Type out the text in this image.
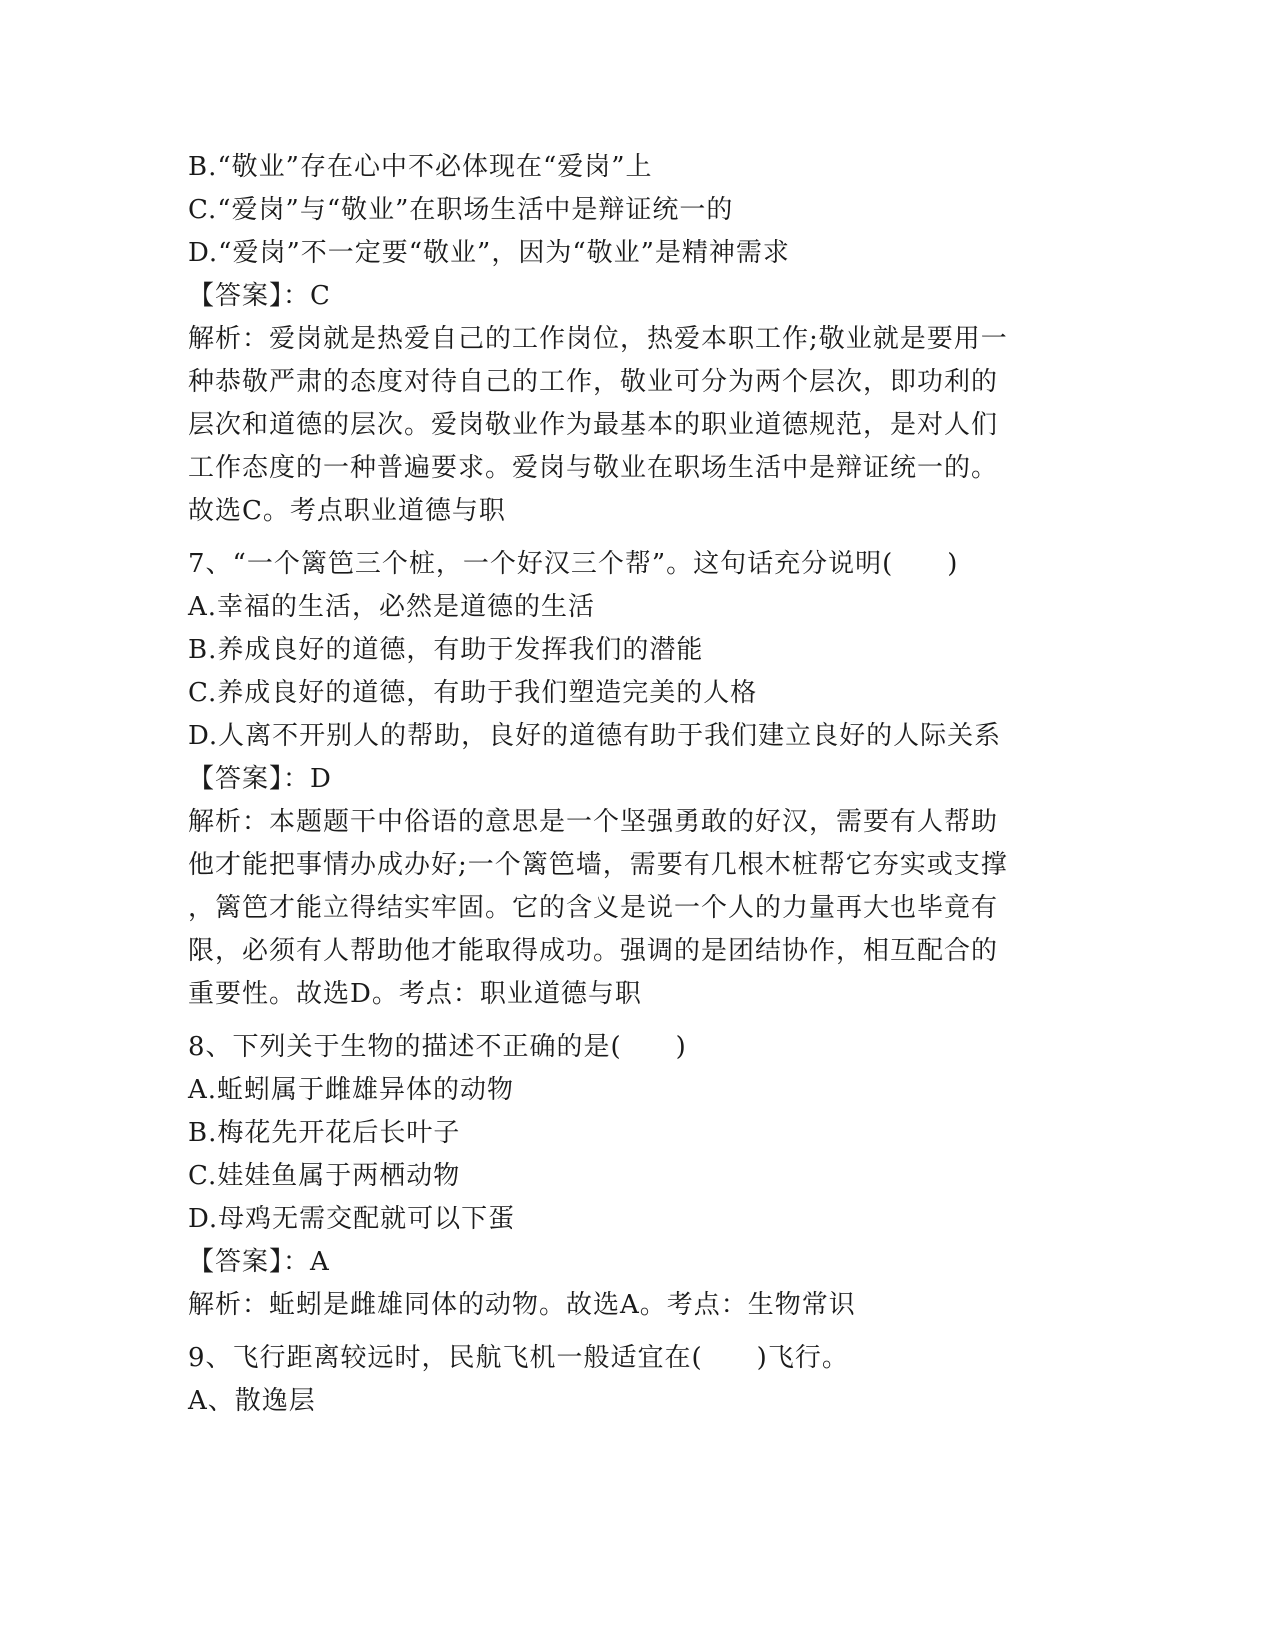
B.“敬业”存在心中不必体现在“爱岗”上
C.“爱岗”与“敬业”在职场生活中是辩证统一的
D.“爱岗”不一定要“敬业”，因为“敬业”是精神需求
【答案】：C
解析：爱岗就是热爱自己的工作岗位，热爱本职工作;敬业就是要用一
种恭敬严肃的态度对待自己的工作，敬业可分为两个层次，即功利的
层次和道德的层次。爱岗敬业作为最基本的职业道德规范，是对人们
工作态度的一种普遍要求。爱岗与敬业在职场生活中是辩证统一的。
故选C。考点职业道德与职
7、“一个篱笆三个桩，一个好汉三个帮”。这句话充分说明(　　)
A.幸福的生活，必然是道德的生活
B.养成良好的道德，有助于发挥我们的潜能
C.养成良好的道德，有助于我们塑造完美的人格
D.人离不开别人的帮助，良好的道德有助于我们建立良好的人际关系
【答案】：D
解析：本题题干中俗语的意思是一个坚强勇敢的好汉，需要有人帮助
他才能把事情办成办好;一个篱笆墙，需要有几根木桩帮它夯实或支撑
，篱笆才能立得结实牢固。它的含义是说一个人的力量再大也毕竟有
限，必须有人帮助他才能取得成功。强调的是团结协作，相互配合的
重要性。故选D。考点：职业道德与职
8、下列关于生物的描述不正确的是(　　)
A.蚯蚓属于雌雄异体的动物
B.梅花先开花后长叶子
C.娃娃鱼属于两栖动物
D.母鸡无需交配就可以下蛋
【答案】：A
解析：蚯蚓是雌雄同体的动物。故选A。考点：生物常识
9、飞行距离较远时，民航飞机一般适宜在(　　)飞行。
A、散逸层
